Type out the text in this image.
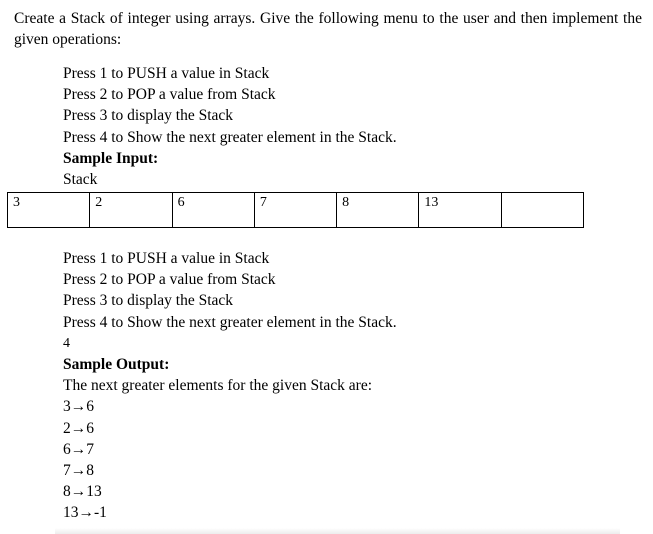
Create a Stack of integer using arrays. Give the following menu to the user and then implement the given operations:

Press 1 to PUSH a value in Stack
Press 2 to POP a value from Stack
Press 3 to display the Stack
Press 4 to Show the next greater element in the Stack.
Sample Input:
Stack
3	2	6	7	8	13	
Press 1 to PUSH a value in Stack
Press 2 to POP a value from Stack
Press 3 to display the Stack
Press 4 to Show the next greater element in the Stack.
4
Sample Output:
The next greater elements for the given Stack are:
3→6
2→6
6→7
7→8
8→13
13→-1
